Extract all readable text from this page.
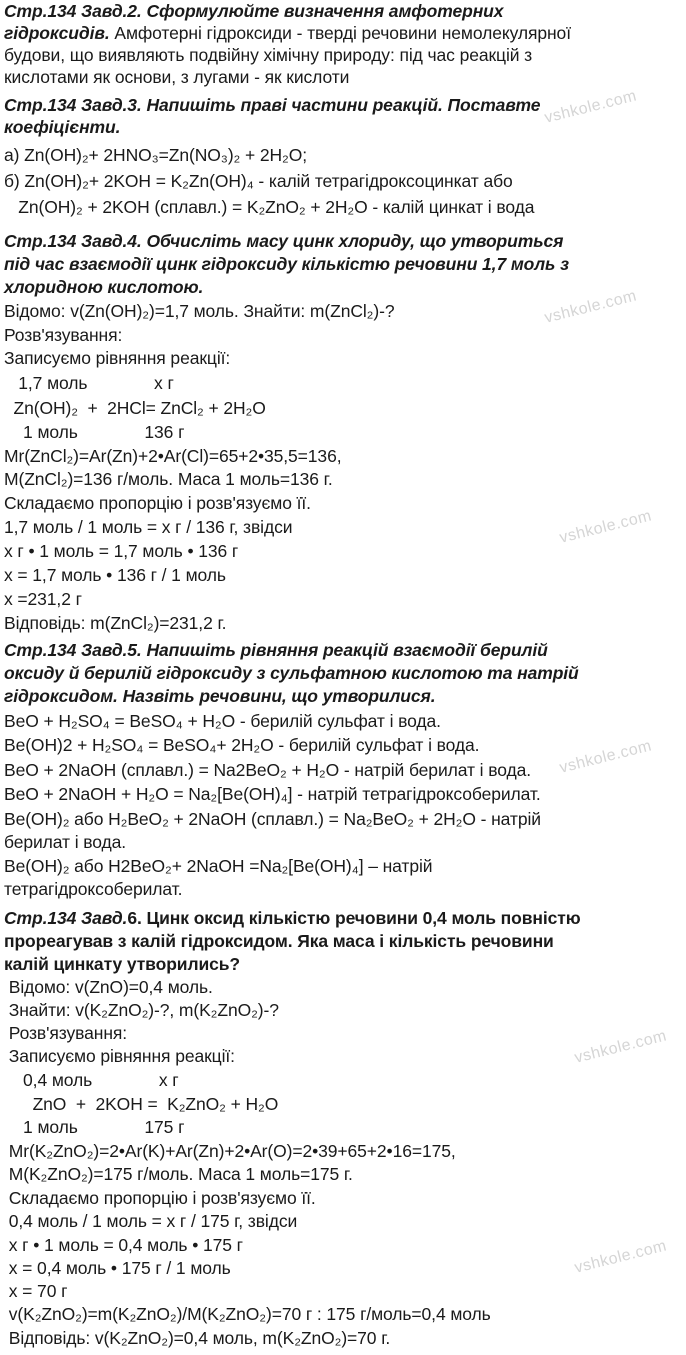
vshkole.com
vshkole.com
vshkole.com
vshkole.com
vshkole.com
vshkole.com
Стр.134 Завд.2. Сформулюйте визначення амфотерних
гідроксидів. Амфотерні гідроксиди - тверді речовини немолекулярної
будови, що виявляють подвійну хімічну природу: під час реакцій з
кислотами як основи, з лугами - як кислоти
Стр.134 Завд.3. Напишіть праві частини реакцій. Поставте
коефіцієнти.
а) Zn(OH)₂+ 2HNO₃=Zn(NO₃)₂ + 2H₂O;
б) Zn(OH)₂+ 2KOH = K₂Zn(OH)₄ - калій тетрагідроксоцинкат або
Zn(OH)₂ + 2KOH (сплавл.) = K₂ZnO₂ + 2H₂O - калій цинкат і вода
Стр.134 Завд.4. Обчисліть масу цинк хлориду, що утвориться
під час взаємодії цинк гідроксиду кількістю речовини 1,7 моль з
хлоридною кислотою.
Відомо: v(Zn(OH)₂)=1,7 моль. Знайти: m(ZnCl₂)-?
Розв'язування:
Записуємо рівняння реакції:
1,7 моль              х г
Zn(OH)₂  +  2HCl= ZnCl₂ + 2H₂O
1 моль              136 г
Mr(ZnCl₂)=Ar(Zn)+2•Ar(Cl)=65+2•35,5=136,
M(ZnCl₂)=136 г/моль. Маса 1 моль=136 г.
Складаємо пропорцію і розв'язуємо її.
1,7 моль / 1 моль = х г / 136 г, звідси
х г • 1 моль = 1,7 моль • 136 г
х = 1,7 моль • 136 г / 1 моль
х =231,2 г
Відповідь: m(ZnCl₂)=231,2 г.
Стр.134 Завд.5. Напишіть рівняння реакцій взаємодії берилій
оксиду й берилій гідроксиду з сульфатною кислотою та натрій
гідроксидом. Назвіть речовини, що утворилися.
BeO + H₂SO₄ = BeSO₄ + H₂O - берилій сульфат і вода.
Be(OH)2 + H₂SO₄ = BeSO₄+ 2H₂O - берилій сульфат і вода.
BeO + 2NaOH (сплавл.) = Na2BeO₂ + H₂O - натрій берилат і вода.
BeO + 2NaOH + H₂O = Na₂[Be(OH)₄] - натрій тетрагідроксоберилат.
Be(OH)₂ або H₂BeO₂ + 2NaOH (сплавл.) = Na₂BeO₂ + 2H₂O - натрій
берилат і вода.
Be(OH)₂ або H2BeO₂+ 2NaOH =Na₂[Be(OH)₄] – натрій
тетрагідроксоберилат.
Стр.134 Завд.6. Цинк оксид кількістю речовини 0,4 моль повністю
прореагував з калій гідроксидом. Яка маса і кількість речовини
калій цинкату утворились?
Відомо: v(ZnO)=0,4 моль.
Знайти: v(K₂ZnO₂)-?, m(K₂ZnO₂)-?
Розв'язування:
Записуємо рівняння реакції:
0,4 моль              х г
ZnO  +  2KOH =  K₂ZnO₂ + H₂O
1 моль              175 г
Mr(K₂ZnO₂)=2•Ar(K)+Ar(Zn)+2•Ar(O)=2•39+65+2•16=175,
M(K₂ZnO₂)=175 г/моль. Маса 1 моль=175 г.
Складаємо пропорцію і розв'язуємо її.
0,4 моль / 1 моль = х г / 175 г, звідси
х г • 1 моль = 0,4 моль • 175 г
х = 0,4 моль • 175 г / 1 моль
х = 70 г
v(K₂ZnO₂)=m(K₂ZnO₂)/M(K₂ZnO₂)=70 г : 175 г/моль=0,4 моль
Відповідь: v(K₂ZnO₂)=0,4 моль, m(K₂ZnO₂)=70 г.
